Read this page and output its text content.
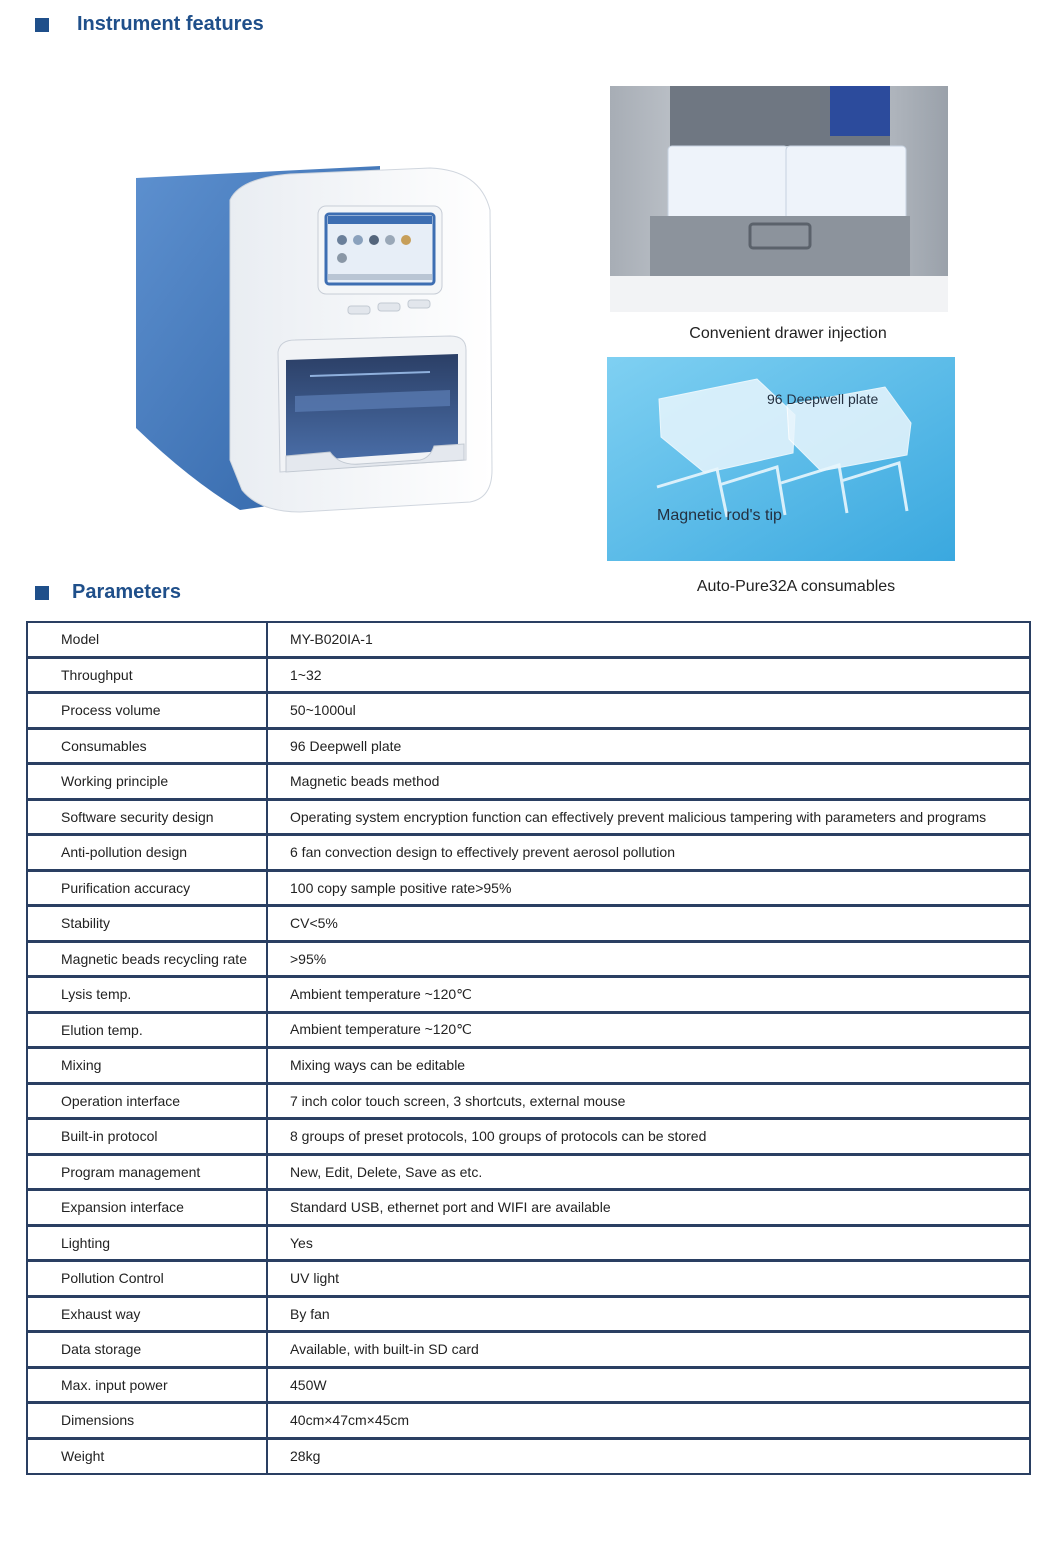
Instrument features
Convenient drawer injection
96 Deepwell plate
Magnetic rod's tip
Auto-Pure32A consumables
Parameters
Model	MY-B020IA-1
Throughput	1~32
Process volume	50~1000ul
Consumables	96 Deepwell plate
Working principle	Magnetic beads method
Software security design	Operating system encryption function can effectively prevent malicious tampering with parameters and programs
Anti-pollution design	6 fan convection design to effectively prevent aerosol pollution
Purification accuracy	100 copy sample positive rate>95%
Stability	CV<5%
Magnetic beads recycling rate	>95%
Lysis temp.	Ambient temperature ~120℃
Elution temp.	Ambient temperature ~120℃
Mixing	Mixing ways can be editable
Operation interface	7 inch color touch screen, 3 shortcuts, external mouse
Built-in protocol	8 groups of preset protocols, 100 groups of protocols can be stored
Program management	New, Edit, Delete, Save as etc.
Expansion interface	Standard USB, ethernet port and WIFI are available
Lighting	Yes
Pollution Control	UV light
Exhaust way	By fan
Data storage	Available, with built-in SD card
Max. input power	450W
Dimensions	40cm×47cm×45cm
Weight	28kg
